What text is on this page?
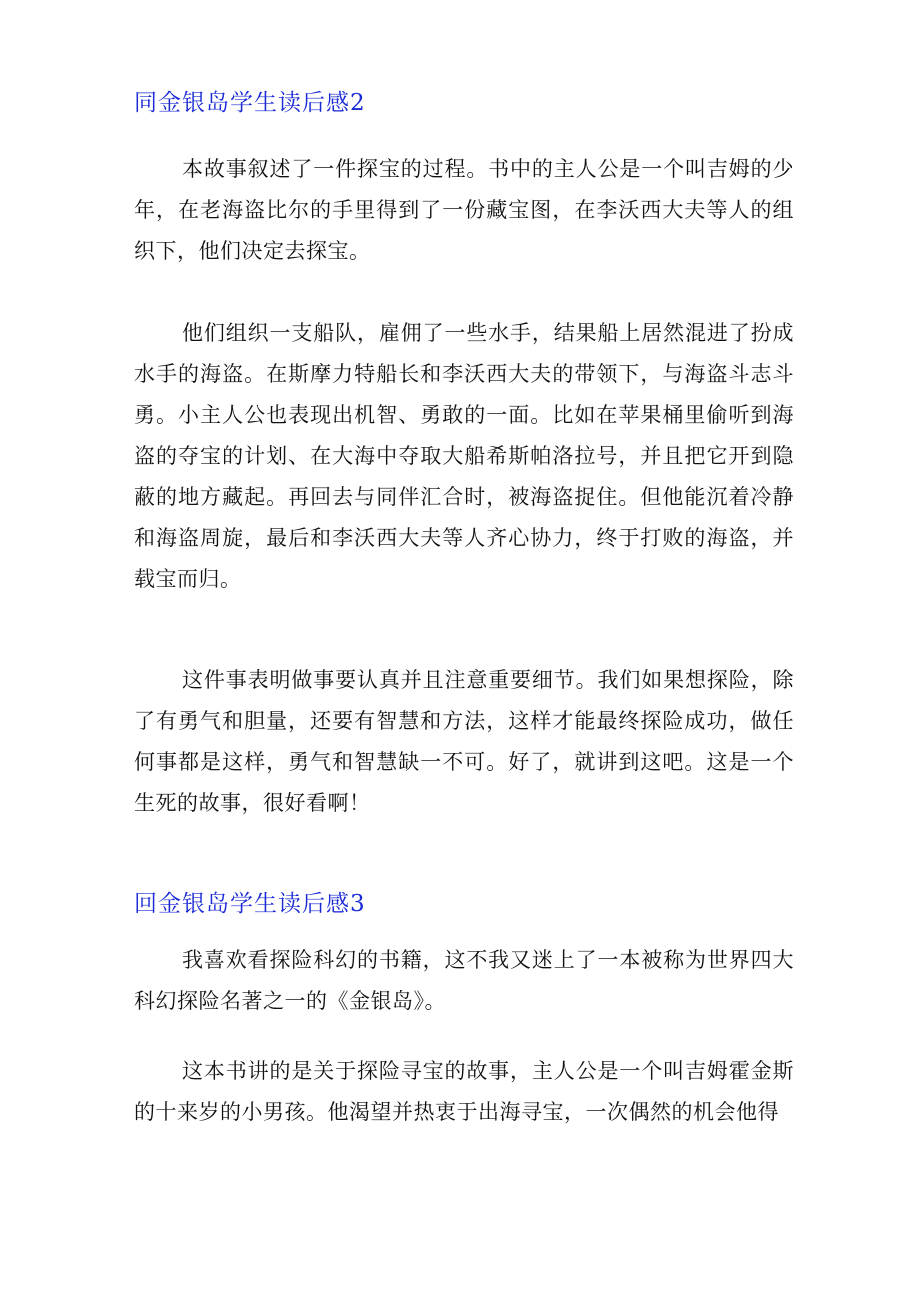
同金银岛学生读后感2

本故事叙述了一件探宝的过程。书中的主人公是一个叫吉姆的少年，在老海盗比尔的手里得到了一份藏宝图，在李沃西大夫等人的组织下，他们决定去探宝。

他们组织一支船队，雇佣了一些水手，结果船上居然混进了扮成水手的海盗。在斯摩力特船长和李沃西大夫的带领下，与海盗斗志斗勇。小主人公也表现出机智、勇敢的一面。比如在苹果桶里偷听到海盗的夺宝的计划、在大海中夺取大船希斯帕洛拉号，并且把它开到隐蔽的地方藏起。再回去与同伴汇合时，被海盗捉住。但他能沉着冷静和海盗周旋，最后和李沃西大夫等人齐心协力，终于打败的海盗，并载宝而归。

这件事表明做事要认真并且注意重要细节。我们如果想探险，除了有勇气和胆量，还要有智慧和方法，这样才能最终探险成功，做任何事都是这样，勇气和智慧缺一不可。好了，就讲到这吧。这是一个生死的故事，很好看啊！

回金银岛学生读后感3

我喜欢看探险科幻的书籍，这不我又迷上了一本被称为世界四大科幻探险名著之一的《金银岛》。

这本书讲的是关于探险寻宝的故事，主人公是一个叫吉姆霍金斯的十来岁的小男孩。他渴望并热衷于出海寻宝，一次偶然的机会他得
